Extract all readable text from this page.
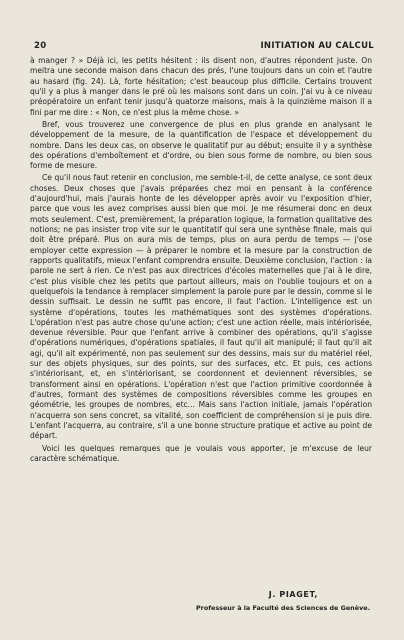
20	INITIATION AU CALCUL

à manger ? » Déjà ici, les petits hésitent : ils disent non, d'autres répondent juste. On meitra une seconde maison dans chacun des prés, l'une toujours dans un coin et l'autre au hasard (fig. 24). Là, forte hésitation; c'est beaucoup plus difficile. Certains trouvent qu'il y a plus à manger dans le pré où les maisons sont dans un coin. J'ai vu à ce niveau préopératoire un enfant tenir jusqu'à quatorze maisons, mais à la quinzième maison il a fini par me dire : « Non, ce n'est plus la même chose. »

Bref, vous trouverez une convergence de plus en plus grande en analysant le développement de la mesure, de la quantification de l'espace et développement du nombre. Dans les deux cas, on observe le qualitatif pur au début; ensuite il y a synthèse des opérations d'emboîtement et d'ordre, ou bien sous forme de nombre, ou bien sous forme de mesure.

Ce qu'il nous faut retenir en conclusion, me semble-t-il, de cette analyse, ce sont deux choses. Deux choses que j'avais préparées chez moi en pensant à la conférence d'aujourd'hui, mais j'aurais honte de les développer après avoir vu l'exposition d'hier, parce que vous les avez comprises aussi bien que moi. Je me résumerai donc en deux mots seulement. C'est, premièrement, la préparation logique, la formation qualitative des notions; ne pas insister trop vite sur le quantitatif qui sera une synthèse finale, mais qui doit être préparé. Plus on aura mis de temps, plus on aura perdu de temps — j'ose employer cette expression — à préparer le nombre et la mesure par la construction de rapports qualitatifs, mieux l'enfant comprendra ensuite. Deuxième conclusion, l'action : la parole ne sert à rien. Ce n'est pas aux directrices d'écoles maternelles que j'ai à le dire, c'est plus visible chez les petits que partout ailleurs, mais on l'oublie toujours et on a quelquefois la tendance à remplacer simplement la parole pure par le dessin, comme si le dessin suffisait. Le dessin ne suffit pas encore, il faut l'action. L'intelligence est un système d'opérations, toutes les mathématiques sont des systèmes d'opérations. L'opération n'est pas autre chose qu'une action; c'est une action réelle, mais intériorisée, devenue réversible. Pour que l'enfant arrive à combiner des opérations, qu'il s'agisse d'opérations numériques, d'opérations spatiales, il faut qu'il ait manipulé; il faut qu'il ait agi, qu'il ait expérimenté, non pas seulement sur des dessins, mais sur du matériel réel, sur des objets physiques, sur des points, sur des surfaces, etc. Et puis, ces actions s'intériorisant, et, en s'intériorisant, se coordonnent et deviennent réversibles, se transforment ainsi en opérations. L'opération n'est que l'action primitive coordonnée à d'autres, formant des systèmes de compositions réversibles comme les groupes en géométrie, les groupes de nombres, etc... Mais sans l'action initiale, jamais l'opération n'acquerra son sens concret, sa vitalité, son coefficient de compréhension si je puis dire. L'enfant l'acquerra, au contraire, s'il a une bonne structure pratique et active au point de départ.

Voici les quelques remarques que je voulais vous apporter, je m'excuse de leur caractère schématique.

J. PIAGET,
Professeur à la Faculté des Sciences de Genève.
